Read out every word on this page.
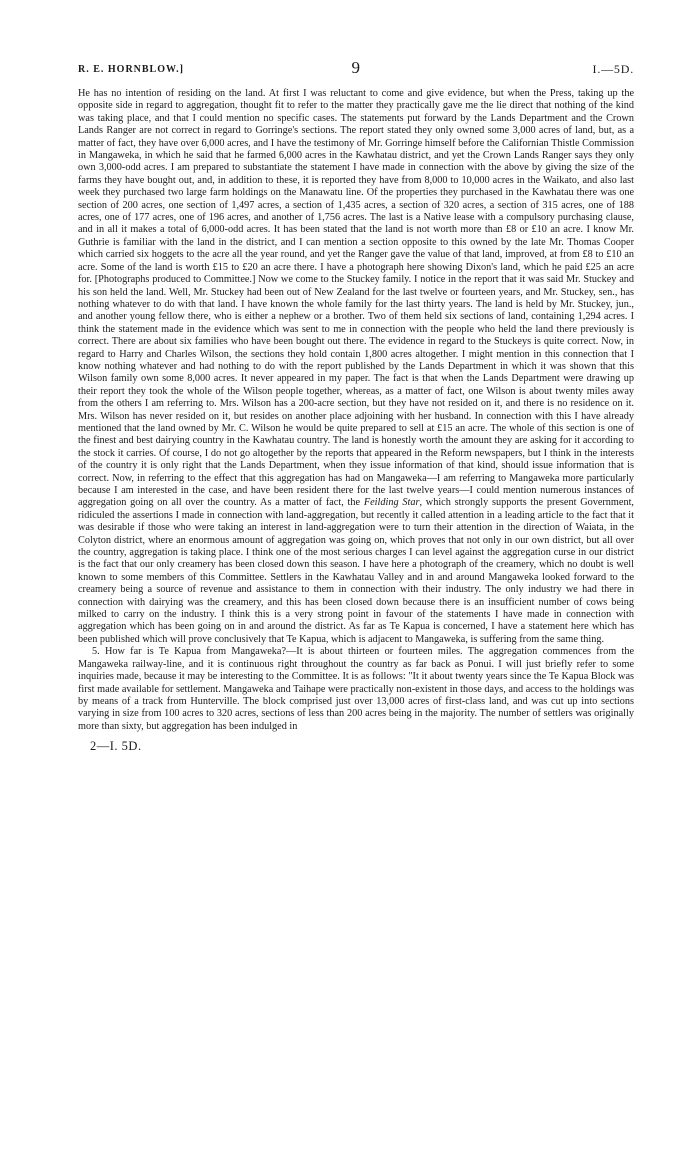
R. E. HORNBLOW.]	9	I.—5D.

He has no intention of residing on the land. At first I was reluctant to come and give evidence, but when the Press, taking up the opposite side in regard to aggregation, thought fit to refer to the matter they practically gave me the lie direct that nothing of the kind was taking place, and that I could mention no specific cases. The statements put forward by the Lands Department and the Crown Lands Ranger are not correct in regard to Gorringe's sections. The report stated they only owned some 3,000 acres of land, but, as a matter of fact, they have over 6,000 acres, and I have the testimony of Mr. Gorringe himself before the Californian Thistle Commission in Mangaweka, in which he said that he farmed 6,000 acres in the Kawhatau district, and yet the Crown Lands Ranger says they only own 3,000-odd acres. I am prepared to substantiate the statement I have made in connection with the above by giving the size of the farms they have bought out, and, in addition to these, it is reported they have from 8,000 to 10,000 acres in the Waikato, and also last week they purchased two large farm holdings on the Manawatu line. Of the properties they purchased in the Kawhatau there was one section of 200 acres, one section of 1,497 acres, a section of 1,435 acres, a section of 320 acres, a section of 315 acres, one of 188 acres, one of 177 acres, one of 196 acres, and another of 1,756 acres. The last is a Native lease with a compulsory purchasing clause, and in all it makes a total of 6,000-odd acres. It has been stated that the land is not worth more than £8 or £10 an acre. I know Mr. Guthrie is familiar with the land in the district, and I can mention a section opposite to this owned by the late Mr. Thomas Cooper which carried six hoggets to the acre all the year round, and yet the Ranger gave the value of that land, improved, at from £8 to £10 an acre. Some of the land is worth £15 to £20 an acre there. I have a photograph here showing Dixon's land, which he paid £25 an acre for. [Photographs produced to Committee.] Now we come to the Stuckey family. I notice in the report that it was said Mr. Stuckey and his son held the land. Well, Mr. Stuckey had been out of New Zealand for the last twelve or fourteen years, and Mr. Stuckey, sen., has nothing whatever to do with that land. I have known the whole family for the last thirty years. The land is held by Mr. Stuckey, jun., and another young fellow there, who is either a nephew or a brother. Two of them held six sections of land, containing 1,294 acres. I think the statement made in the evidence which was sent to me in connection with the people who held the land there previously is correct. There are about six families who have been bought out there. The evidence in regard to the Stuckeys is quite correct. Now, in regard to Harry and Charles Wilson, the sections they hold contain 1,800 acres altogether. I might mention in this connection that I know nothing whatever and had nothing to do with the report published by the Lands Department in which it was shown that this Wilson family own some 8,000 acres. It never appeared in my paper. The fact is that when the Lands Department were drawing up their report they took the whole of the Wilson people together, whereas, as a matter of fact, one Wilson is about twenty miles away from the others I am referring to. Mrs. Wilson has a 200-acre section, but they have not resided on it, and there is no residence on it. Mrs. Wilson has never resided on it, but resides on another place adjoining with her husband. In connection with this I have already mentioned that the land owned by Mr. C. Wilson he would be quite prepared to sell at £15 an acre. The whole of this section is one of the finest and best dairying country in the Kawhatau country. The land is honestly worth the amount they are asking for it according to the stock it carries. Of course, I do not go altogether by the reports that appeared in the Reform newspapers, but I think in the interests of the country it is only right that the Lands Department, when they issue information of that kind, should issue information that is correct. Now, in referring to the effect that this aggregation has had on Mangaweka—I am referring to Mangaweka more particularly because I am interested in the case, and have been resident there for the last twelve years—I could mention numerous instances of aggregation going on all over the country. As a matter of fact, the Feilding Star, which strongly supports the present Government, ridiculed the assertions I made in connection with land-aggregation, but recently it called attention in a leading article to the fact that it was desirable if those who were taking an interest in land-aggregation were to turn their attention in the direction of Waiata, in the Colyton district, where an enormous amount of aggregation was going on, which proves that not only in our own district, but all over the country, aggregation is taking place. I think one of the most serious charges I can level against the aggregation curse in our district is the fact that our only creamery has been closed down this season. I have here a photograph of the creamery, which no doubt is well known to some members of this Committee. Settlers in the Kawhatau Valley and in and around Mangaweka looked forward to the creamery being a source of revenue and assistance to them in connection with their industry. The only industry we had there in connection with dairying was the creamery, and this has been closed down because there is an insufficient number of cows being milked to carry on the industry. I think this is a very strong point in favour of the statements I have made in connection with aggregation which has been going on in and around the district. As far as Te Kapua is concerned, I have a statement here which has been published which will prove conclusively that Te Kapua, which is adjacent to Mangaweka, is suffering from the same thing.

5. How far is Te Kapua from Mangaweka?—It is about thirteen or fourteen miles. The aggregation commences from the Mangaweka railway-line, and it is continuous right throughout the country as far back as Ponui. I will just briefly refer to some inquiries made, because it may be interesting to the Committee. It is as follows: "It it about twenty years since the Te Kapua Block was first made available for settlement. Mangaweka and Taihape were practically non-existent in those days, and access to the holdings was by means of a track from Hunterville. The block comprised just over 13,000 acres of first-class land, and was cut up into sections varying in size from 100 acres to 320 acres, sections of less than 200 acres being in the majority. The number of settlers was originally more than sixty, but aggregation has been indulged in

2—I. 5D.
